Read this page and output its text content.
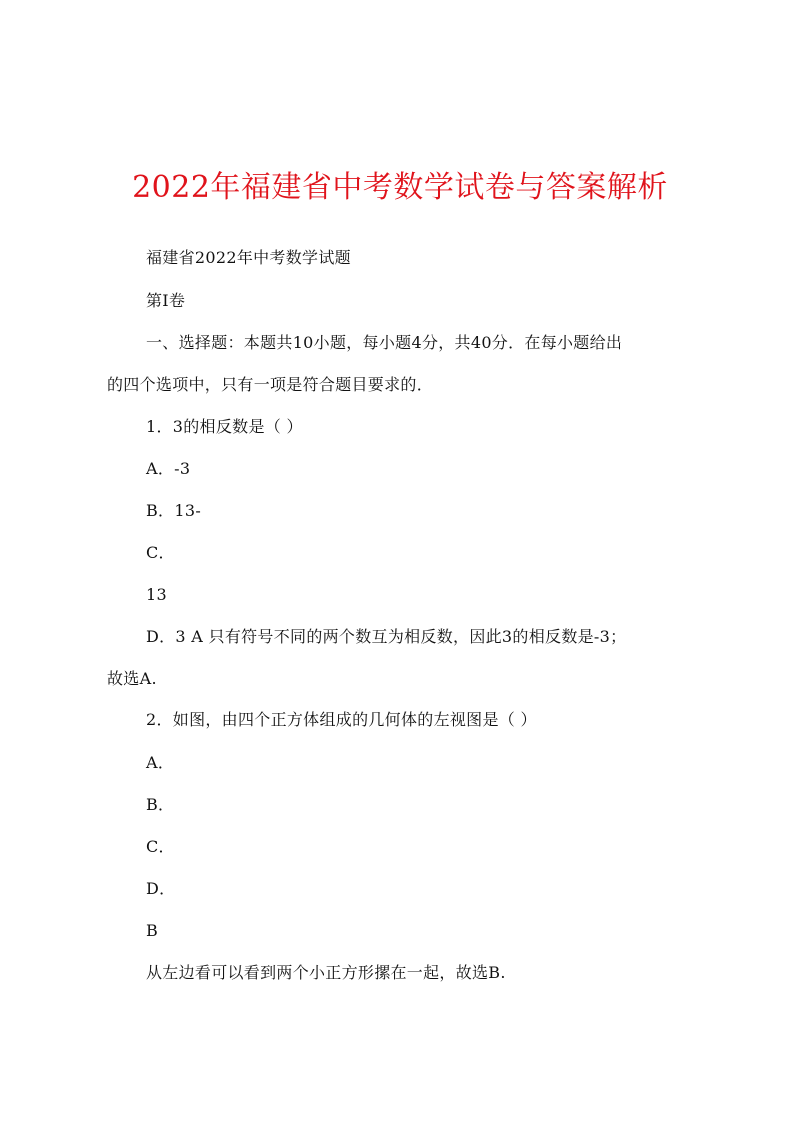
2022年福建省中考数学试卷与答案解析
福建省2022年中考数学试题
第Ⅰ卷
一、选择题：本题共10小题，每小题4分，共40分．在每小题给出
的四个选项中，只有一项是符合题目要求的．
1．3的相反数是（ ）
A．-3
B．13-
C．
13
D．3 A 只有符号不同的两个数互为相反数，因此3的相反数是-3；
故选A.
2．如图，由四个正方体组成的几何体的左视图是（ ）
A．
B．
C．
D．
B
从左边看可以看到两个小正方形摞在一起，故选B.
